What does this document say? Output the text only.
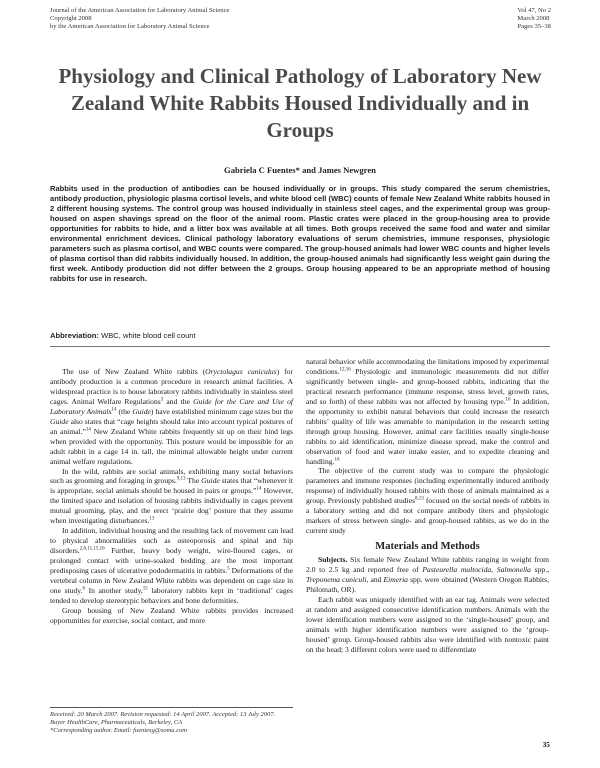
Journal of the American Association for Laboratory Animal Science
Copyright 2008
by the American Association for Laboratory Animal Science
Vol 47, No 2
March 2008
Pages 35–38
Physiology and Clinical Pathology of Laboratory New Zealand White Rabbits Housed Individually and in Groups
Gabriela C Fuentes* and James Newgren
Rabbits used in the production of antibodies can be housed individually or in groups. This study compared the serum chemistries, antibody production, physiologic plasma cortisol levels, and white blood cell (WBC) counts of female New Zealand White rabbits housed in 2 different housing systems. The control group was housed individually in stainless steel cages, and the experimental group was group-housed on aspen shavings spread on the floor of the animal room. Plastic crates were placed in the group-housing area to provide opportunities for rabbits to hide, and a litter box was available at all times. Both groups received the same food and water and similar environmental enrichment devices. Clinical pathology laboratory evaluations of serum chemistries, immune responses, physiologic parameters such as plasma cortisol, and WBC counts were compared. The group-housed animals had lower WBC counts and higher levels of plasma cortisol than did rabbits individually housed. In addition, the group-housed animals had significantly less weight gain during the first week. Antibody production did not differ between the 2 groups. Group housing appeared to be an appropriate method of housing rabbits for use in research.
Abbreviation: WBC, white blood cell count

The use of New Zealand White rabbits (Oryctolagus cuniculus) for antibody production is a common procedure in research animal facilities. A widespread practice is to house laboratory rabbits individually in stainless steel cages. Animal Welfare Regulations$^3$ and the Guide for the Care and Use of Laboratory Animals$^{14}$ (the Guide) have established minimum cage sizes but the Guide also states that “cage heights should take into account typical postures of an animal.”$^{14}$ New Zealand White rabbits frequently sit up on their hind legs when provided with the opportunity. This posture would be impossible for an adult rabbit in a cage 14 in. tall, the minimal allowable height under current animal welfare regulations.

In the wild, rabbits are social animals, exhibiting many social behaviors such as grooming and foraging in groups.$^{9,13}$ The Guide states that “whenever it is appropriate, social animals should be housed in pairs or groups.”$^{14}$ However, the limited space and isolation of housing rabbits individually in cages prevent mutual grooming, play, and the erect ‘prairie dog’ posture that they assume when investigating disturbances.$^{13}$

In addition, individual housing and the resulting lack of movement can lead to physical abnormalities such as osteoporosis and spinal and hip disorders.$^{2,6,11,15,16}$ Further, heavy body weight, wire-floored cages, or prolonged contact with urine-soaked bedding are the most important predisposing cases of ulcerative pododermatitis in rabbits.$^5$ Deformations of the vertebral column in New Zealand White rabbits was dependent on cage size in one study.$^6$ In another study,$^{15}$ laboratory rabbits kept in ‘traditional’ cages tended to develop stereotypic behaviors and bone deformities.

Group housing of New Zealand White rabbits provides increased opportunities for exercise, social contact, and more

natural behavior while accommodating the limitations imposed by experimental conditions.$^{12,16}$ Physiologic and immunologic measurements did not differ significantly between single- and group-housed rabbits, indicating that the practical research performance (immune response, stress level, growth rates, and so forth) of these rabbits was not affected by housing type.$^{16}$ In addition, the opportunity to exhibit natural behaviors that could increase the research rabbits’ quality of life was amenable to manipulation in the research setting through group housing. However, animal care facilities usually single-house rabbits to aid identification, minimize disease spread, make the control and observation of food and water intake easier, and to expedite cleaning and handling.$^{16}$

The objective of the current study was to compare the physiologic parameters and immune responses (including experimentally induced antibody response) of individually housed rabbits with those of animals maintained as a group. Previously published studies$^{8,13}$ focused on the social needs of rabbits in a laboratory setting and did not compare antibody titers and physiologic markers of stress between single- and group-housed rabbits, as we do in the current study

Materials and Methods

Subjects. Six female New Zealand White rabbits ranging in weight from 2.0 to 2.5 kg and reported free of Pasteurella multocida, Salmonella spp., Treponema cuniculi, and Eimeria spp. were obtained (Western Oregon Rabbits, Philomath, OR).

Each rabbit was uniquely identified with an ear tag. Animals were selected at random and assigned consecutive identification numbers. Animals with the lower identification numbers were assigned to the ‘single-housed’ group, and animals with higher identification numbers were assigned to the ‘group-housed’ group. Group-housed rabbits also were identified with nontoxic paint on the head; 3 different colors were used to differentiate

Received: 20 March 2007. Revision requested: 14 April 2007. Accepted: 13 July 2007.
Bayer HealthCare, Pharmaceuticals, Berkeley, CA
*Corresponding author. Email: fuentesg@soma.com
35
